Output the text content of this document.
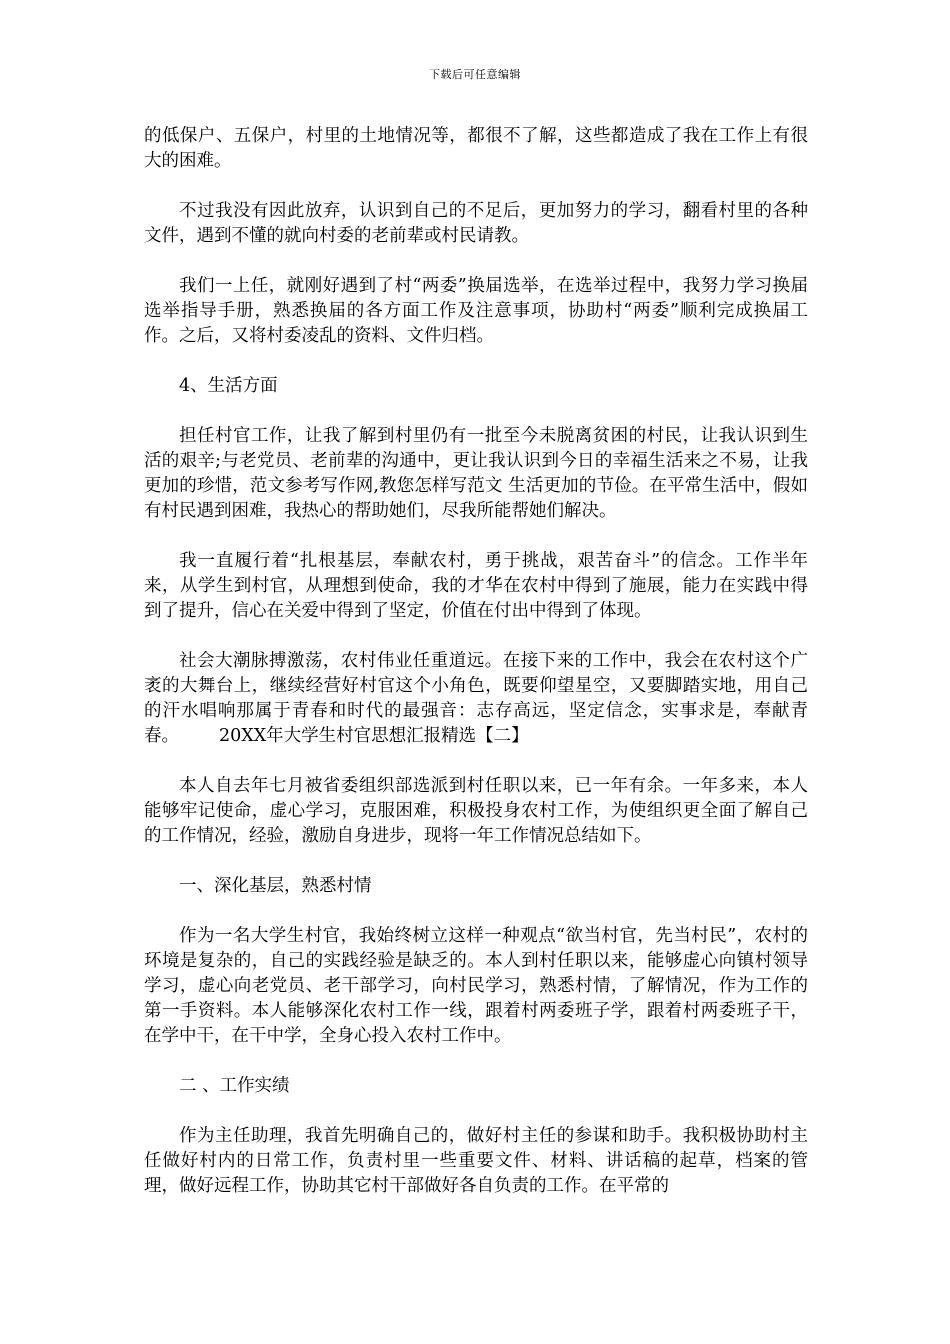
下载后可任意编辑

的低保户、五保户，村里的土地情况等，都很不了解，这些都造成了我在工作上有很大的困难。

不过我没有因此放弃，认识到自己的不足后，更加努力的学习，翻看村里的各种文件，遇到不懂的就向村委的老前辈或村民请教。

我们一上任，就刚好遇到了村“两委”换届选举，在选举过程中，我努力学习换届选举指导手册，熟悉换届的各方面工作及注意事项，协助村“两委”顺利完成换届工作。之后，又将村委凌乱的资料、文件归档。

4、生活方面

担任村官工作，让我了解到村里仍有一批至今未脱离贫困的村民，让我认识到生活的艰辛;与老党员、老前辈的沟通中，更让我认识到今日的幸福生活来之不易，让我更加的珍惜，范文参考写作网,教您怎样写范文 生活更加的节俭。在平常生活中，假如有村民遇到困难，我热心的帮助她们，尽我所能帮她们解决。

我一直履行着“扎根基层，奉献农村，勇于挑战，艰苦奋斗”的信念。工作半年来，从学生到村官，从理想到使命，我的才华在农村中得到了施展，能力在实践中得到了提升，信心在关爱中得到了坚定，价值在付出中得到了体现。

社会大潮脉搏激荡，农村伟业任重道远。在接下来的工作中，我会在农村这个广袤的大舞台上，继续经营好村官这个小角色，既要仰望星空，又要脚踏实地，用自己的汗水唱响那属于青春和时代的最强音：志存高远，坚定信念，实事求是，奉献青春。 20XX年大学生村官思想汇报精选【二】

本人自去年七月被省委组织部选派到村任职以来，已一年有余。一年多来，本人能够牢记使命，虚心学习，克服困难，积极投身农村工作，为使组织更全面了解自己的工作情况，经验，激励自身进步，现将一年工作情况总结如下。

一、深化基层，熟悉村情

作为一名大学生村官，我始终树立这样一种观点“欲当村官，先当村民”，农村的环境是复杂的，自己的实践经验是缺乏的。本人到村任职以来，能够虚心向镇村领导学习，虚心向老党员、老干部学习，向村民学习，熟悉村情，了解情况，作为工作的第一手资料。本人能够深化农村工作一线，跟着村两委班子学，跟着村两委班子干，在学中干，在干中学，全身心投入农村工作中。

二 、工作实绩

作为主任助理，我首先明确自己的，做好村主任的参谋和助手。我积极协助村主任做好村内的日常工作，负责村里一些重要文件、材料、讲话稿的起草，档案的管理，做好远程工作，协助其它村干部做好各自负责的工作。在平常的
